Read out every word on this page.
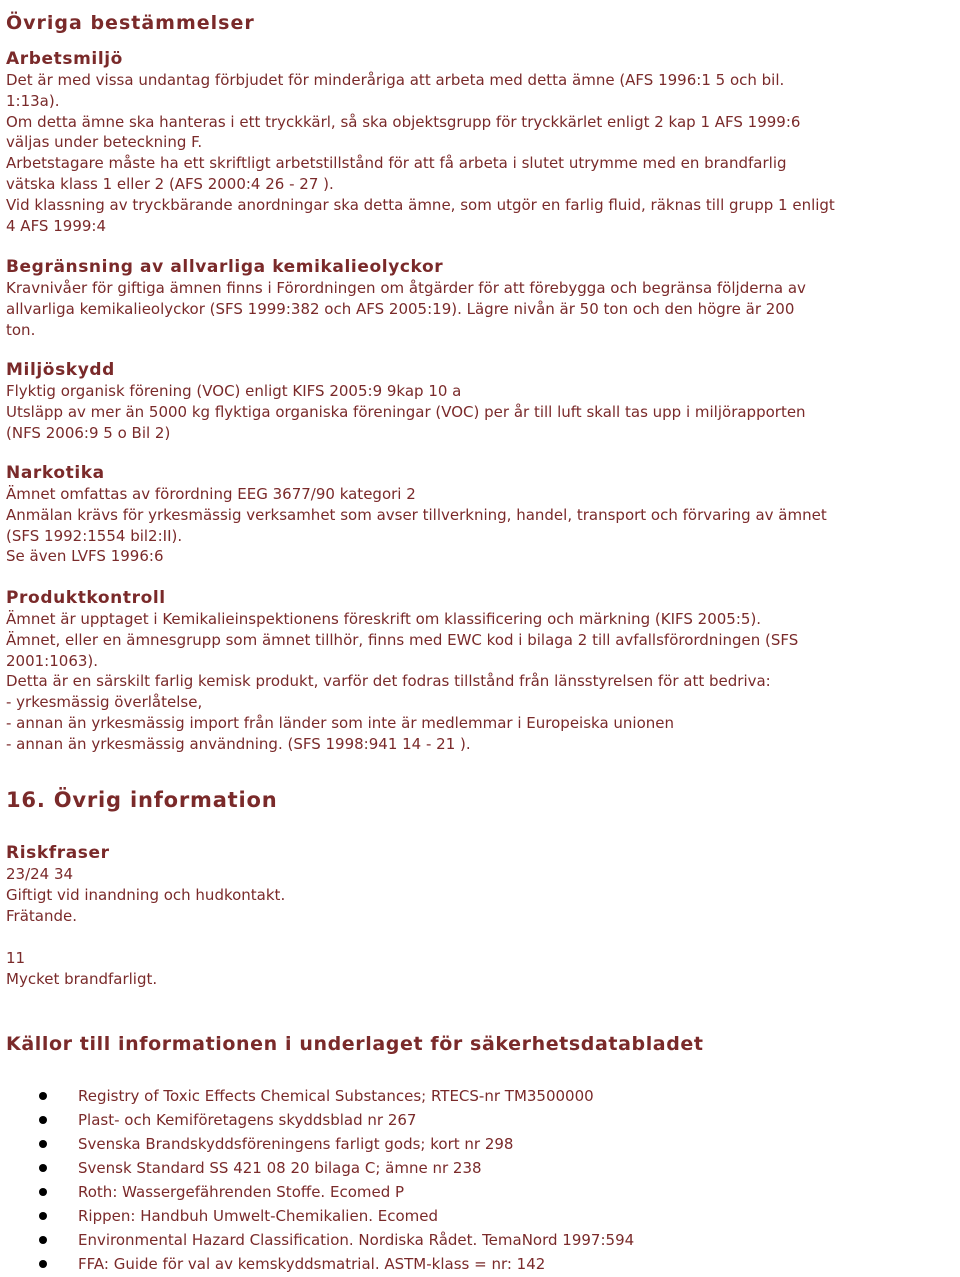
Övriga bestämmelser
Arbetsmiljö
Det är med vissa undantag förbjudet för minderåriga att arbeta med detta ämne (AFS 1996:1 5 och bil.
1:13a).
Om detta ämne ska hanteras i ett tryckkärl, så ska objektsgrupp för tryckkärlet enligt 2 kap 1 AFS 1999:6
väljas under beteckning F.
Arbetstagare måste ha ett skriftligt arbetstillstånd för att få arbeta i slutet utrymme med en brandfarlig
vätska klass 1 eller 2 (AFS 2000:4 26 - 27 ).
Vid klassning av tryckbärande anordningar ska detta ämne, som utgör en farlig fluid, räknas till grupp 1 enligt
4 AFS 1999:4
Begränsning av allvarliga kemikalieolyckor
Kravnivåer för giftiga ämnen finns i Förordningen om åtgärder för att förebygga och begränsa följderna av
allvarliga kemikalieolyckor (SFS 1999:382 och AFS 2005:19). Lägre nivån är 50 ton och den högre är 200
ton.
Miljöskydd
Flyktig organisk förening (VOC) enligt KIFS 2005:9 9kap 10 a
Utsläpp av mer än 5000 kg flyktiga organiska föreningar (VOC) per år till luft skall tas upp i miljörapporten
(NFS 2006:9 5 o Bil 2)
Narkotika
Ämnet omfattas av förordning EEG 3677/90 kategori 2
Anmälan krävs för yrkesmässig verksamhet som avser tillverkning, handel, transport och förvaring av ämnet
(SFS 1992:1554 bil2:II).
Se även LVFS 1996:6
Produktkontroll
Ämnet är upptaget i Kemikalieinspektionens föreskrift om klassificering och märkning (KIFS 2005:5).
Ämnet, eller en ämnesgrupp som ämnet tillhör, finns med EWC kod i bilaga 2 till avfallsförordningen (SFS
2001:1063).
Detta är en särskilt farlig kemisk produkt, varför det fodras tillstånd från länsstyrelsen för att bedriva:
- yrkesmässig överlåtelse,
- annan än yrkesmässig import från länder som inte är medlemmar i Europeiska unionen
- annan än yrkesmässig användning. (SFS 1998:941 14 - 21 ).
16. Övrig information
Riskfraser
23/24 34
Giftigt vid inandning och hudkontakt.
Frätande.
11
Mycket brandfarligt.
Källor till informationen i underlaget för säkerhetsdatabladet
Registry of Toxic Effects Chemical Substances; RTECS-nr TM3500000
Plast- och Kemiföretagens skyddsblad nr 267
Svenska Brandskyddsföreningens farligt gods; kort nr 298
Svensk Standard SS 421 08 20 bilaga C; ämne nr 238
Roth: Wassergefährenden Stoffe. Ecomed P
Rippen: Handbuh Umwelt-Chemikalien. Ecomed
Environmental Hazard Classification. Nordiska Rådet. TemaNord 1997:594
FFA: Guide för val av kemskyddsmatrial. ASTM-klass = nr: 142
